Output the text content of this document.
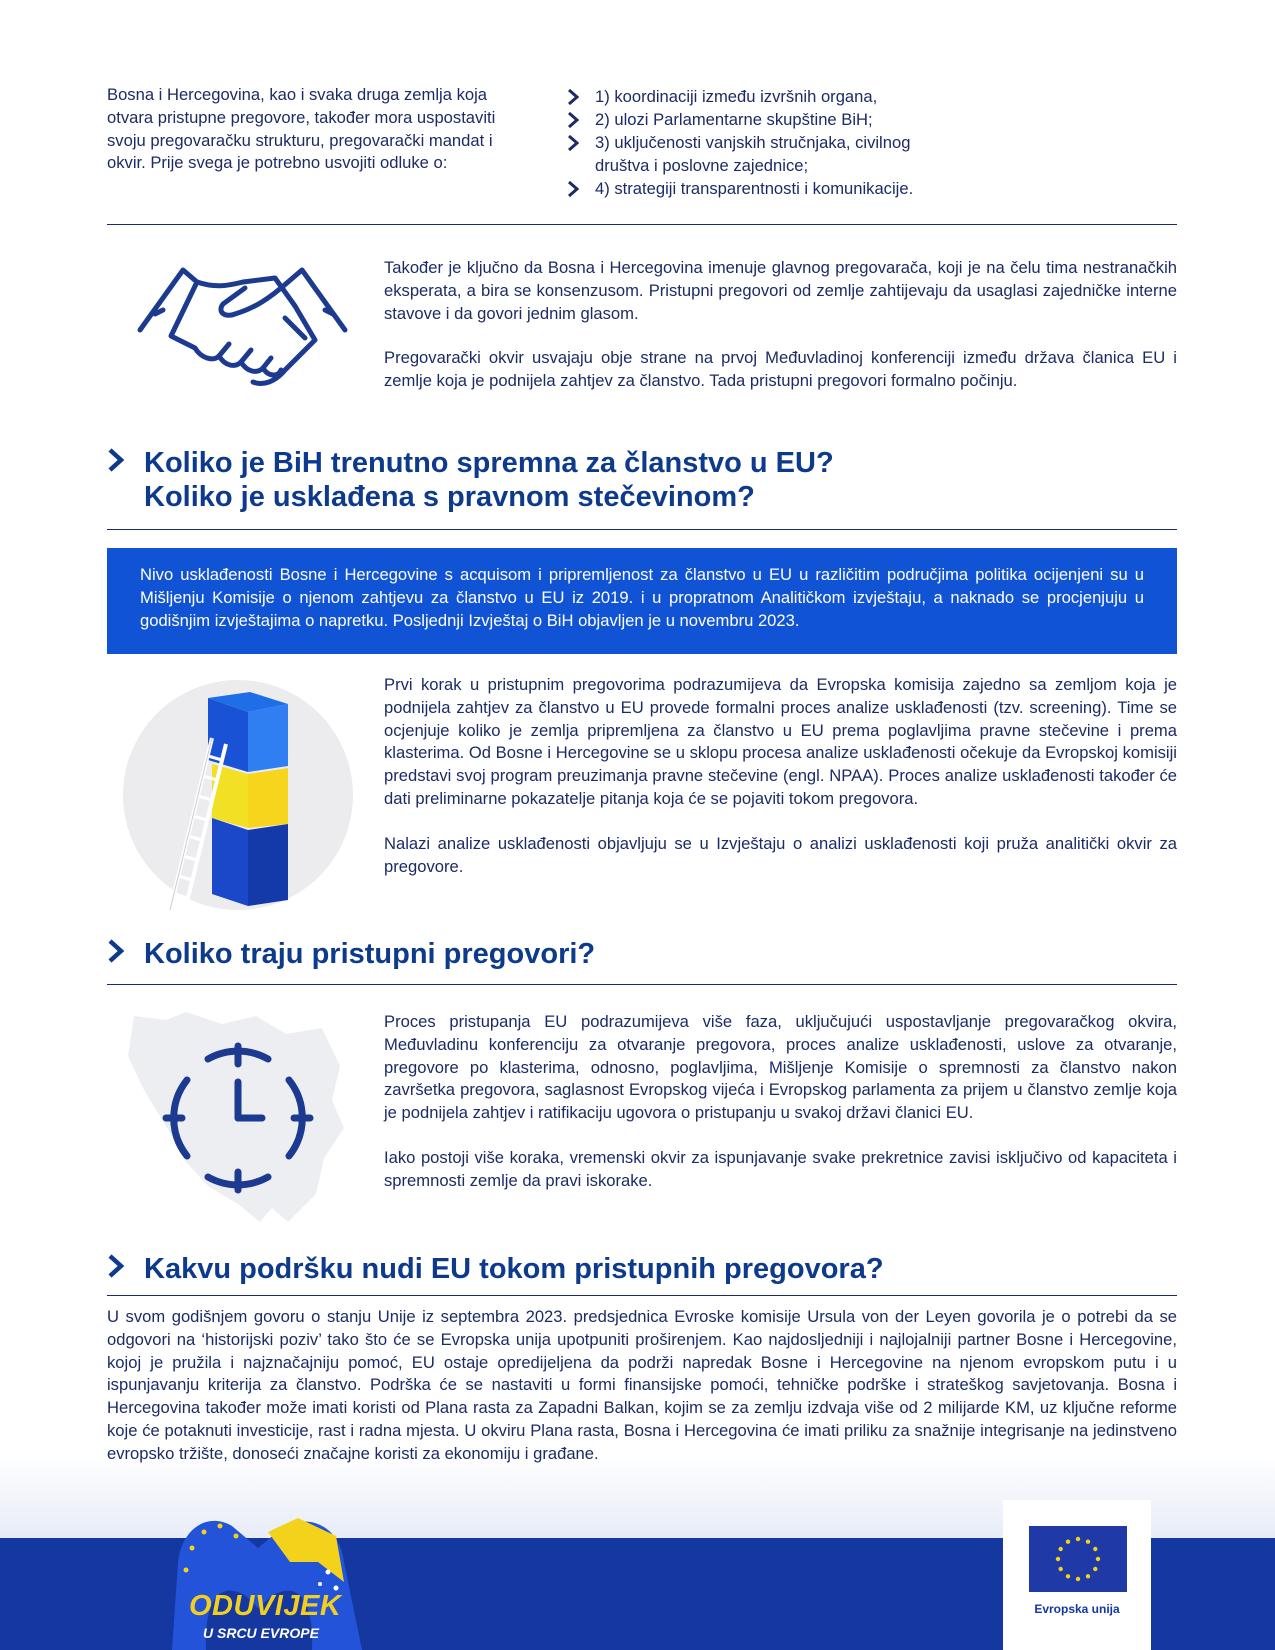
Bosna i Hercegovina, kao i svaka druga zemlja koja otvara pristupne pregovore, također mora uspostaviti svoju pregovaračku strukturu, pregovarački mandat i okvir. Prije svega je potrebno usvojiti odluke o:

1) koordinaciji između izvršnih organa,
2) ulozi Parlamentarne skupštine BiH;
3) uključenosti vanjskih stručnjaka, civilnog društva i poslovne zajednice;
4) strategiji transparentnosti i komunikacije.

Također je ključno da Bosna i Hercegovina imenuje glavnog pregovarača, koji je na čelu tima nestranačkih eksperata, a bira se konsenzusom. Pristupni pregovori od zemlje zahtijevaju da usaglasi zajedničke interne stavove i da govori jednim glasom.

Pregovarački okvir usvajaju obje strane na prvoj Međuvladinoj konferenciji između država članica EU i zemlje koja je podnijela zahtjev za članstvo. Tada pristupni pregovori formalno počinju.

Koliko je BiH trenutno spremna za članstvo u EU?
Koliko je usklađena s pravnom stečevinom?

Nivo usklađenosti Bosne i Hercegovine s acquisom i pripremljenost za članstvo u EU u različitim područjima politika ocijenjeni su u Mišljenju Komisije o njenom zahtjevu za članstvo u EU iz 2019. i u propratnom Analitičkom izvještaju, a naknado se procjenjuju u godišnjim izvještajima o napretku. Posljednji Izvještaj o BiH objavljen je u novembru 2023.

Prvi korak u pristupnim pregovorima podrazumijeva da Evropska komisija zajedno sa zemljom koja je podnijela zahtjev za članstvo u EU provede formalni proces analize usklađenosti (tzv. screening). Time se ocjenjuje koliko je zemlja pripremljena za članstvo u EU prema poglavljima pravne stečevine i prema klasterima. Od Bosne i Hercegovine se u sklopu procesa analize usklađenosti očekuje da Evropskoj komisiji predstavi svoj program preuzimanja pravne stečevine (engl. NPAA). Proces analize usklađenosti također će dati preliminarne pokazatelje pitanja koja će se pojaviti tokom pregovora.

Nalazi analize usklađenosti objavljuju se u Izvještaju o analizi usklađenosti koji pruža analitički okvir za pregovore.

Koliko traju pristupni pregovori?

Proces pristupanja EU podrazumijeva više faza, uključujući uspostavljanje pregovaračkog okvira, Međuvladinu konferenciju za otvaranje pregovora, proces analize usklađenosti, uslove za otvaranje, pregovore po klasterima, odnosno, poglavljima, Mišljenje Komisije o spremnosti za članstvo nakon završetka pregovora, saglasnost Evropskog vijeća i Evropskog parlamenta za prijem u članstvo zemlje koja je podnijela zahtjev i ratifikaciju ugovora o pristupanju u svakoj državi članici EU.

Iako postoji više koraka, vremenski okvir za ispunjavanje svake prekretnice zavisi isključivo od kapaciteta i spremnosti zemlje da pravi iskorake.

Kakvu podršku nudi EU tokom pristupnih pregovora?

U svom godišnjem govoru o stanju Unije iz septembra 2023. predsjednica Evroske komisije Ursula von der Leyen govorila je o potrebi da se odgovori na ‘historijski poziv’ tako što će se Evropska unija upotpuniti proširenjem. Kao najdosljedniji i najlojalniji partner Bosne i Hercegovine, kojoj je pružila i najznačajniju pomoć, EU ostaje opredijeljena da podrži napredak Bosne i Hercegovine na njenom evropskom putu i u ispunjavanju kriterija za članstvo. Podrška će se nastaviti u formi finansijske pomoći, tehničke podrške i strateškog savjetovanja. Bosna i Hercegovina također može imati koristi od Plana rasta za Zapadni Balkan, kojim se za zemlju izdvaja više od 2 milijarde KM, uz ključne reforme koje će potaknuti investicije, rast i radna mjesta. U okviru Plana rasta, Bosna i Hercegovina će imati priliku za snažnije integrisanje na jedinstveno evropsko tržište, donoseći značajne koristi za ekonomiju i građane.

ODUVIJEK
U SRCU EVROPE
Evropska unija
